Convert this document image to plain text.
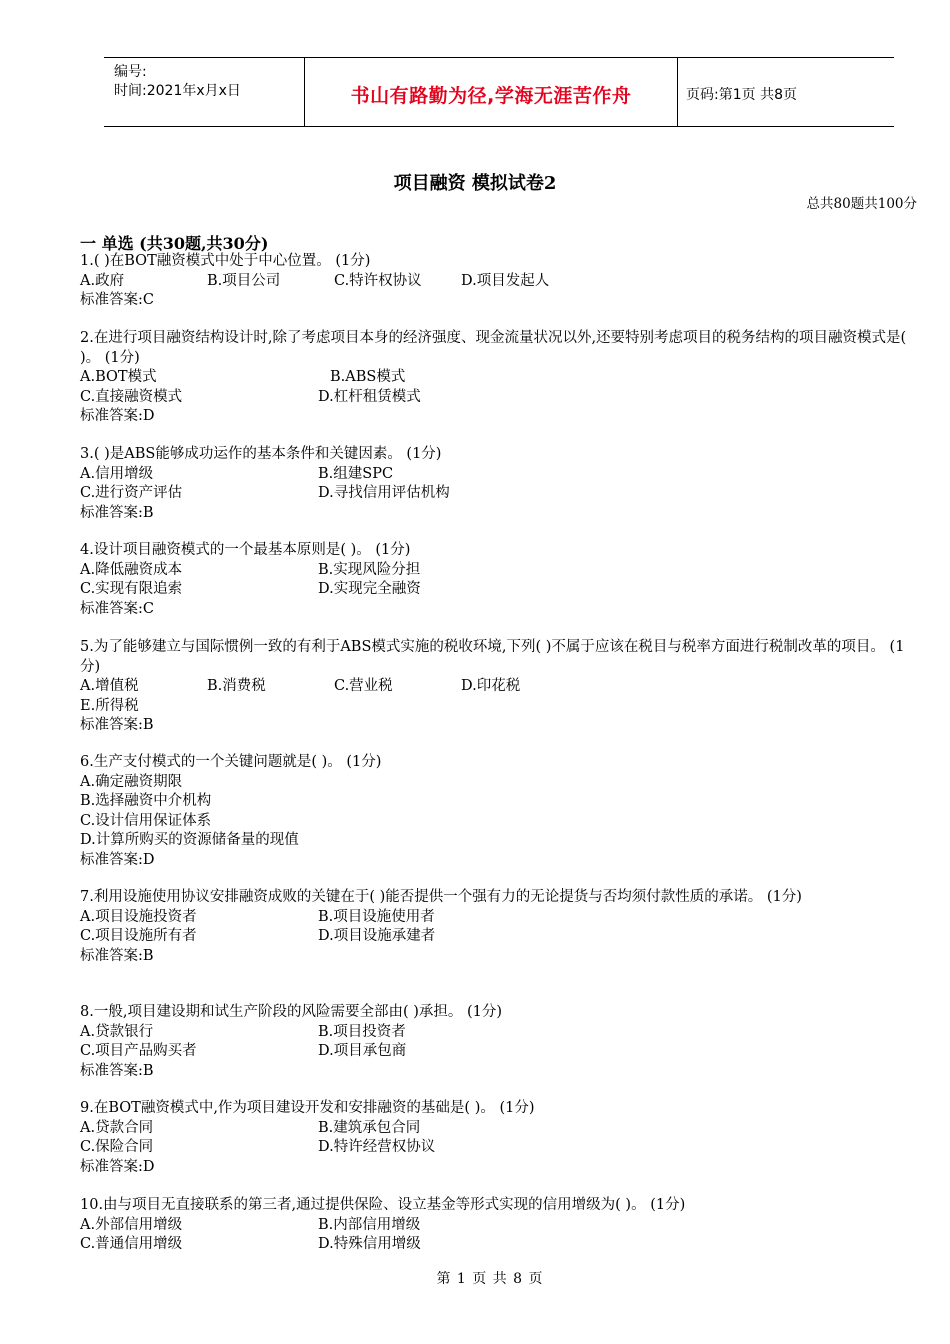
编号:
时间:2021年x月x日	书山有路勤为径,学海无涯苦作舟	页码:第1页 共8页
项目融资 模拟试卷2
总共80题共100分
一 单选 (共30题,共30分)
1.( )在BOT融资模式中处于中心位置。 (1分)
A.政府	B.项目公司	C.特许权协议	D.项目发起人
标准答案:C
2.在进行项目融资结构设计时,除了考虑项目本身的经济强度、现金流量状况以外,还要特别考虑项目的税务结构的项目融资模式是( )。 (1分)
A.BOT模式	B.ABS模式
C.直接融资模式	D.杠杆租赁模式
标准答案:D
3.( )是ABS能够成功运作的基本条件和关键因素。 (1分)
A.信用增级	B.组建SPC
C.进行资产评估	D.寻找信用评估机构
标准答案:B
4.设计项目融资模式的一个最基本原则是( )。 (1分)
A.降低融资成本	B.实现风险分担
C.实现有限追索	D.实现完全融资
标准答案:C
5.为了能够建立与国际惯例一致的有利于ABS模式实施的税收环境,下列( )不属于应该在税目与税率方面进行税制改革的项目。 (1分)
A.增值税	B.消费税	C.营业税	D.印花税
E.所得税
标准答案:B
6.生产支付模式的一个关键问题就是( )。 (1分)
A.确定融资期限
B.选择融资中介机构
C.设计信用保证体系
D.计算所购买的资源储备量的现值
标准答案:D
7.利用设施使用协议安排融资成败的关键在于( )能否提供一个强有力的无论提货与否均须付款性质的承诺。 (1分)
A.项目设施投资者	B.项目设施使用者
C.项目设施所有者	D.项目设施承建者
标准答案:B
8.一般,项目建设期和试生产阶段的风险需要全部由( )承担。 (1分)
A.贷款银行	B.项目投资者
C.项目产品购买者	D.项目承包商
标准答案:B
9.在BOT融资模式中,作为项目建设开发和安排融资的基础是( )。 (1分)
A.贷款合同	B.建筑承包合同
C.保险合同	D.特许经营权协议
标准答案:D
10.由与项目无直接联系的第三者,通过提供保险、设立基金等形式实现的信用增级为( )。 (1分)
A.外部信用增级	B.内部信用增级
C.普通信用增级	D.特殊信用增级
第 1 页 共 8 页
